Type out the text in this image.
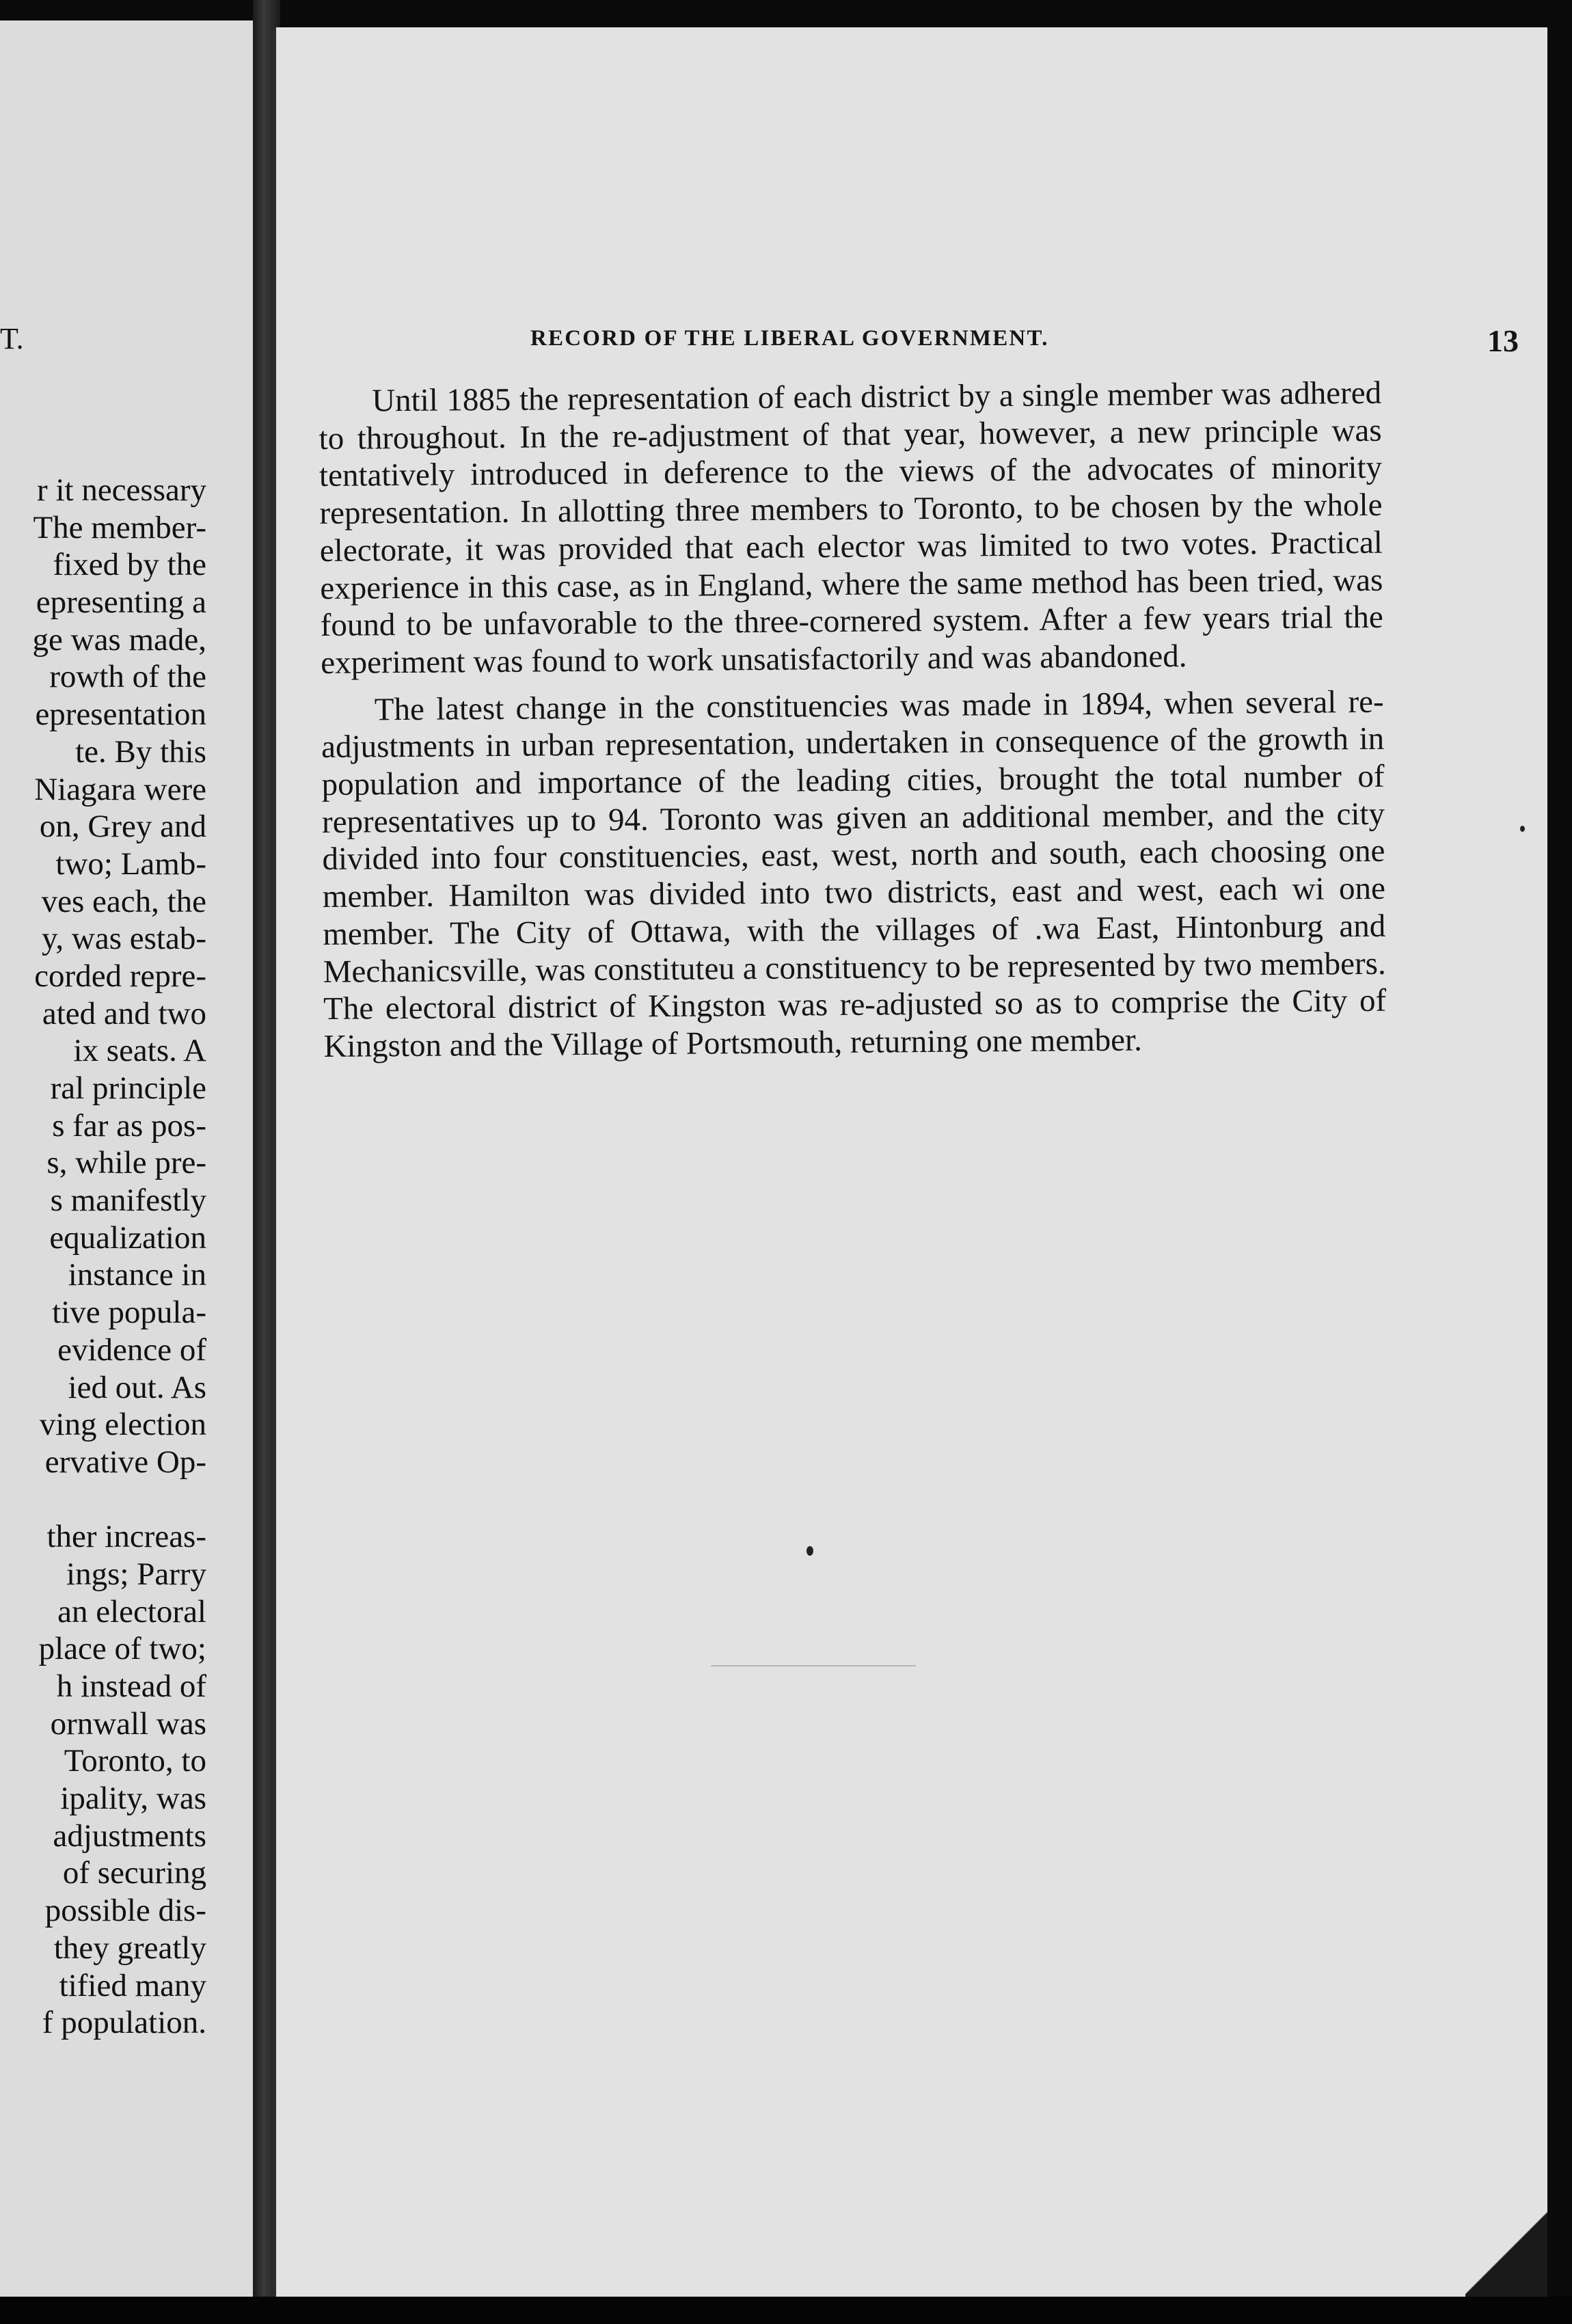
T.
r it necessary
The member-
fixed by the
epresenting a
ge was made,
rowth of the
epresentation
te. By this
Niagara were
on, Grey and
two; Lamb-
ves each, the
y, was estab-
corded repre-
ated and two
ix seats. A
ral principle
s far as pos-
s, while pre-
s manifestly
equalization
instance in
tive popula-
evidence of
ied out. As
ving election
ervative Op-
ther increas-
ings; Parry
an electoral
place of two;
h instead of
ornwall was
Toronto, to
ipality, was
adjustments
of securing
possible dis-
they greatly
tified many
f population.
RECORD OF THE LIBERAL GOVERNMENT.	13

Until 1885 the representation of each district by a single member was adhered to throughout. In the re-adjustment of that year, however, a new principle was tentatively introduced in deference to the views of the advocates of minority representation. In allotting three members to Toronto, to be chosen by the whole electorate, it was provided that each elector was limited to two votes. Practical experience in this case, as in England, where the same method has been tried, was found to be unfavorable to the three-cornered system. After a few years trial the experiment was found to work unsatisfactorily and was abandoned.

The latest change in the constituencies was made in 1894, when several re-adjustments in urban representation, undertaken in consequence of the growth in population and importance of the leading cities, brought the total number of representatives up to 94. Toronto was given an additional member, and the city divided into four constituencies, east, west, north and south, each choosing one member. Hamilton was divided into two districts, east and west, each wi one member. The City of Ottawa, with the villages of .wa East, Hintonburg and Mechanicsville, was constituteu a constituency to be represented by two members. The electoral district of Kingston was re-adjusted so as to comprise the City of Kingston and the Village of Portsmouth, returning one member.
